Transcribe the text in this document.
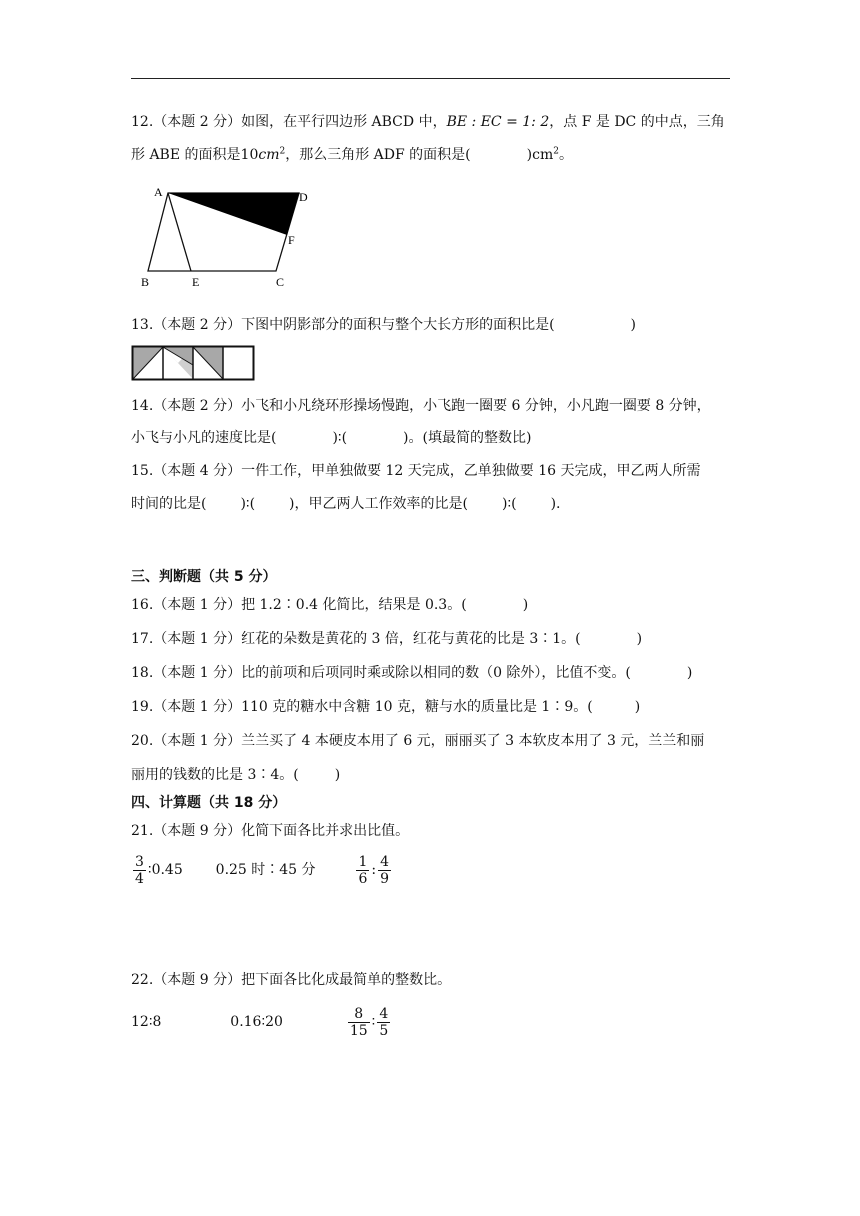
12.（本题 2 分）如图，在平行四边形 ABCD 中，BE : EC = 1: 2，点 F 是 DC 的中点，三角
形 ABE 的面积是$10cm^2$，那么三角形 ADF 的面积是(	)$cm^2$。
A	D
F
B	E	C
13.（本题 2 分）下图中阴影部分的面积与整个大长方形的面积比是(	)
14.（本题 2 分）小飞和小凡绕环形操场慢跑，小飞跑一圈要 6 分钟，小凡跑一圈要 8 分钟，
小飞与小凡的速度比是(	)∶(	)。(填最简的整数比)
15.（本题 4 分）一件工作，甲单独做要 12 天完成，乙单独做要 16 天完成，甲乙两人所需
时间的比是( )∶( )，甲乙两人工作效率的比是( )∶( ).
三、判断题（共 5 分）
16.（本题 1 分）把 1.2∶0.4 化简比，结果是 0.3。(	)
17.（本题 1 分）红花的朵数是黄花的 3 倍，红花与黄花的比是 3∶1。(	)
18.（本题 1 分）比的前项和后项同时乘或除以相同的数（0 除外），比值不变。(	)
19.（本题 1 分）110 克的糖水中含糖 10 克，糖与水的质量比是 1∶9。(	)
20.（本题 1 分）兰兰买了 4 本硬皮本用了 6 元，丽丽买了 3 本软皮本用了 3 元，兰兰和丽
丽用的钱数的比是 3∶4。(	)
四、计算题（共 18 分）
21.（本题 9 分）化简下面各比并求出比值。
$\frac{3}{4}$ ∶0.45 0.25 时∶45 分	$\frac{1}{6}$ : $\frac{4}{9}$
22.（本题 9 分）把下面各比化成最简单的整数比。
12∶8	0.16∶20	$\frac{8}{15}$ ∶ $\frac{4}{5}$
